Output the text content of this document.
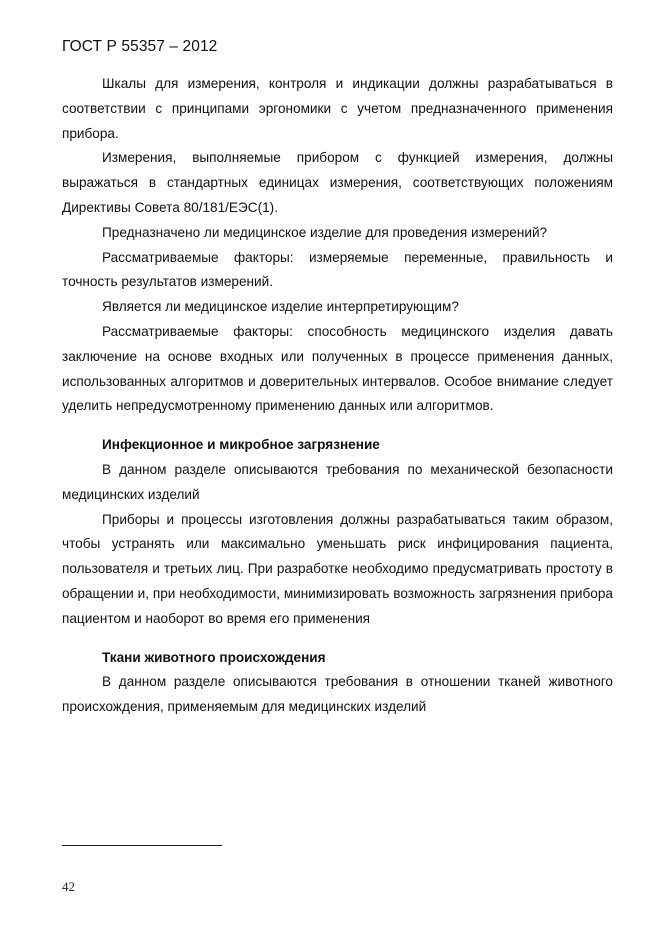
ГОСТ Р 55357 – 2012

Шкалы для измерения, контроля и индикации должны разрабатываться в соответствии с принципами эргономики с учетом предназначенного применения прибора.

Измерения, выполняемые прибором с функцией измерения, должны выражаться в стандартных единицах измерения, соответствующих положениям Директивы Совета 80/181/ЕЭС(1).

Предназначено ли медицинское изделие для проведения измерений?

Рассматриваемые факторы: измеряемые переменные, правильность и точность результатов измерений.

Является ли медицинское изделие интерпретирующим?

Рассматриваемые факторы: способность медицинского изделия давать заключение на основе входных или полученных в процессе применения данных, использованных алгоритмов и доверительных интервалов. Особое внимание следует уделить непредусмотренному применению данных или алгоритмов.

Инфекционное и микробное загрязнение

В данном разделе описываются требования по механической безопасности медицинских изделий

Приборы и процессы изготовления должны разрабатываться таким образом, чтобы устранять или максимально уменьшать риск инфицирования пациента, пользователя и третьих лиц. При разработке необходимо предусматривать простоту в обращении и, при необходимости, минимизировать возможность загрязнения прибора пациентом и наоборот во время его применения

Ткани животного происхождения

В данном разделе описываются требования в отношении тканей животного происхождения, применяемым для медицинских изделий

42
